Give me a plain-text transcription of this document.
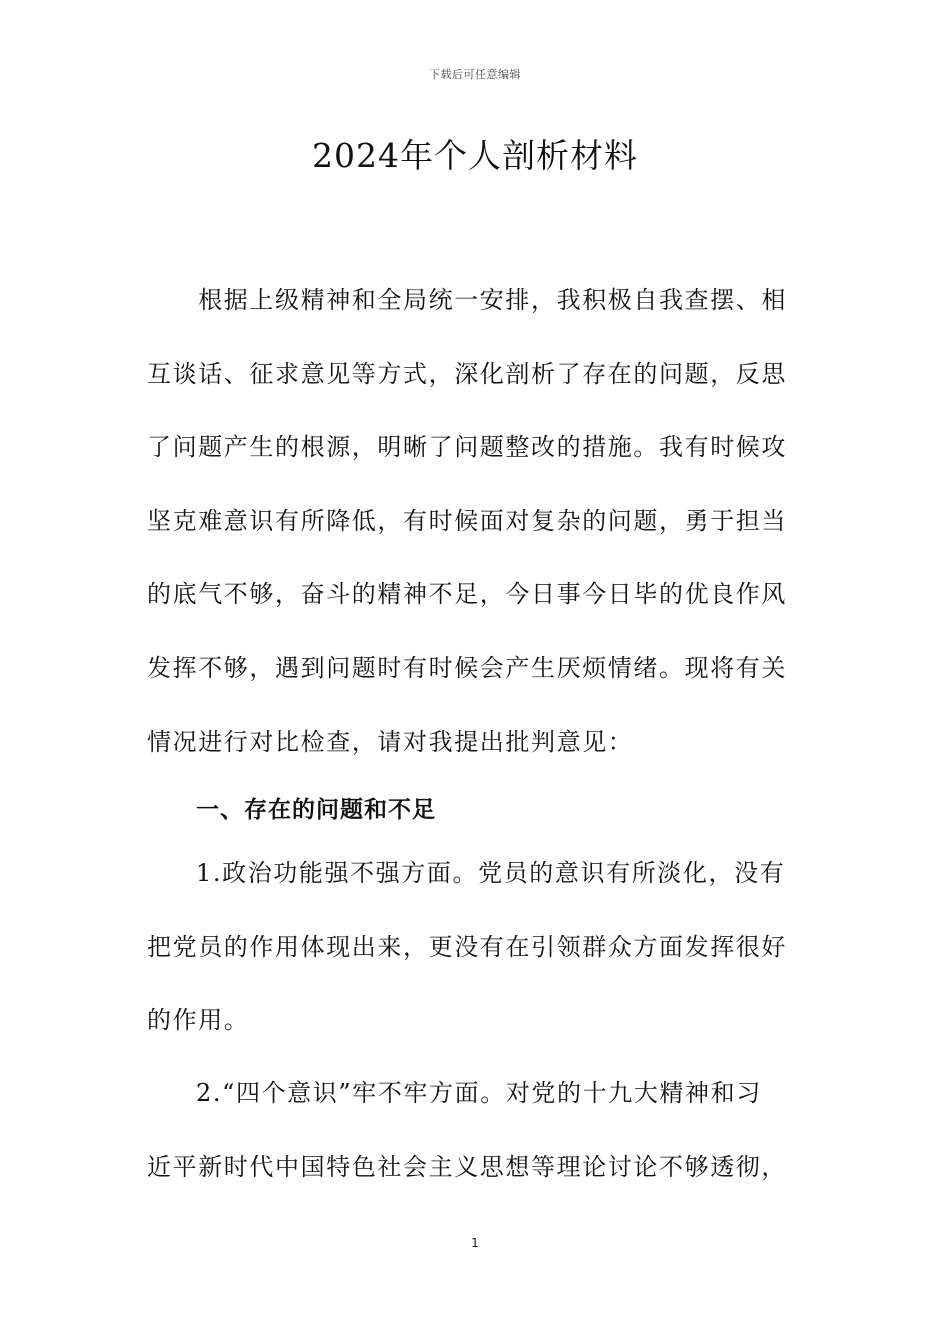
下载后可任意编辑
2024年个人剖析材料
　　根据上级精神和全局统一安排，我积极自我查摆、相
互谈话、征求意见等方式，深化剖析了存在的问题，反思
了问题产生的根源，明晰了问题整改的措施。我有时候攻
坚克难意识有所降低，有时候面对复杂的问题，勇于担当
的底气不够，奋斗的精神不足，今日事今日毕的优良作风
发挥不够，遇到问题时有时候会产生厌烦情绪。现将有关
情况进行对比检查，请对我提出批判意见：
一、存在的问题和不足
1.政治功能强不强方面。党员的意识有所淡化，没有
把党员的作用体现出来，更没有在引领群众方面发挥很好
的作用。
2.“四个意识”牢不牢方面。对党的十九大精神和习
近平新时代中国特色社会主义思想等理论讨论不够透彻，
1
